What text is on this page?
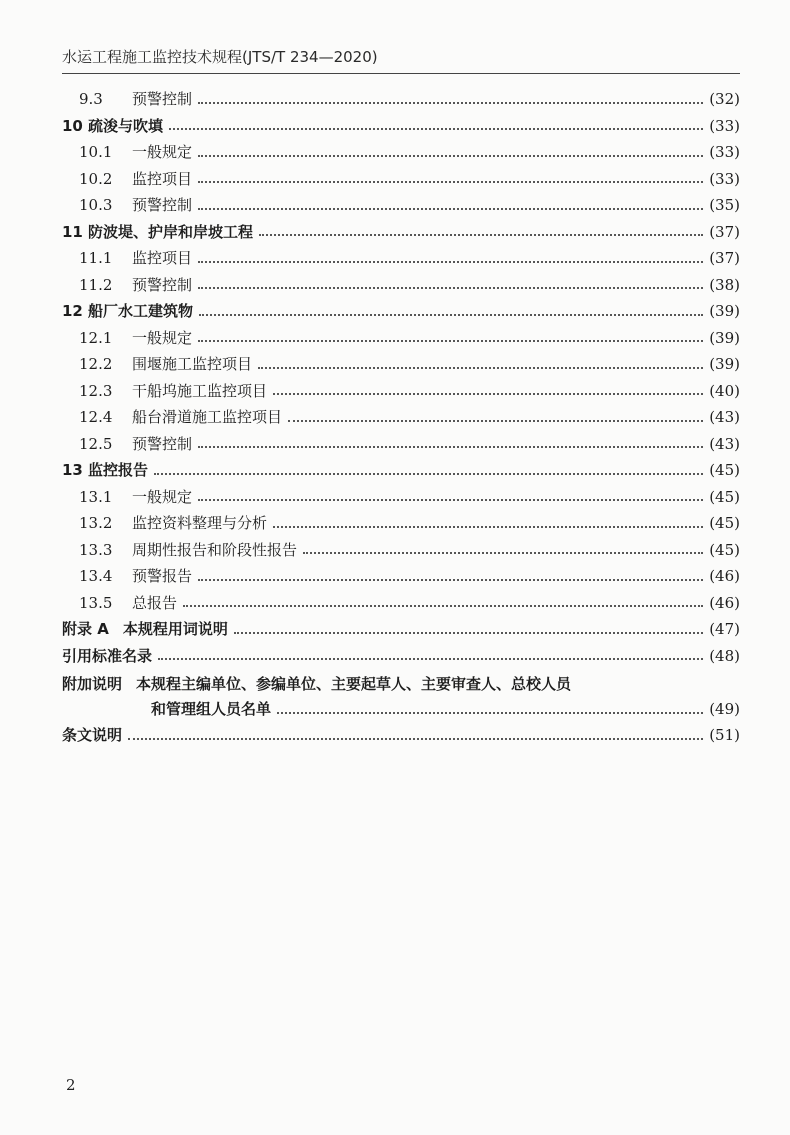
水运工程施工监控技术规程(JTS/T 234—2020)
9.3	预警控制	(32)
10 疏浚与吹填	(33)
10.1	一般规定	(33)
10.2	监控项目	(33)
10.3	预警控制	(35)
11 防波堤、护岸和岸坡工程	(37)
11.1	监控项目	(37)
11.2	预警控制	(38)
12 船厂水工建筑物	(39)
12.1	一般规定	(39)
12.2	围堰施工监控项目	(39)
12.3	干船坞施工监控项目	(40)
12.4	船台滑道施工监控项目	(43)
12.5	预警控制	(43)
13 监控报告	(45)
13.1	一般规定	(45)
13.2	监控资料整理与分析	(45)
13.3	周期性报告和阶段性报告	(45)
13.4	预警报告	(46)
13.5	总报告	(46)
附录 A 本规程用词说明	(47)
引用标准名录	(48)
附加说明 本规程主编单位、参编单位、主要起草人、主要审查人、总校人员
和管理组人员名单	(49)
条文说明	(51)
2
